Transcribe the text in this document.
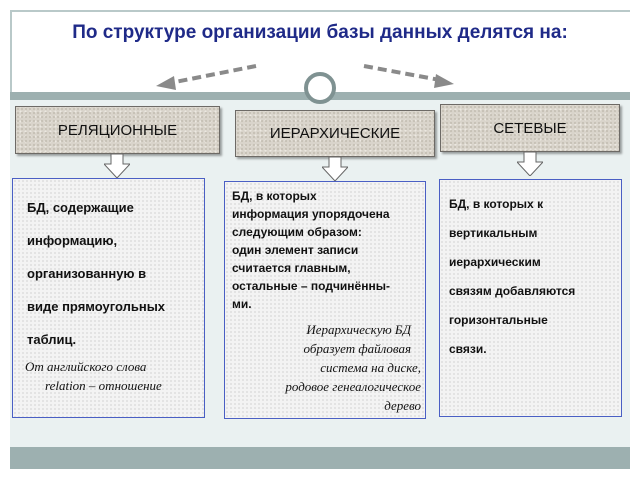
По структуре организации базы данных делятся на:
РЕЛЯЦИОННЫЕ
БД, содержащие
информацию,
организованную в
виде прямоугольных
таблиц.
От английского слова
relation – отношение
ИЕРАРХИЧЕСКИЕ
БД, в которых
информация упорядочена
следующим образом:
один элемент записи
считается главным,
остальные – подчинённы-
ми.
Иерархическую БД
образует файловая
система на диске,
родовое генеалогическое
дерево
СЕТЕВЫЕ
БД, в которых к
вертикальным
иерархическим
связям добавляются
горизонтальные
связи.
